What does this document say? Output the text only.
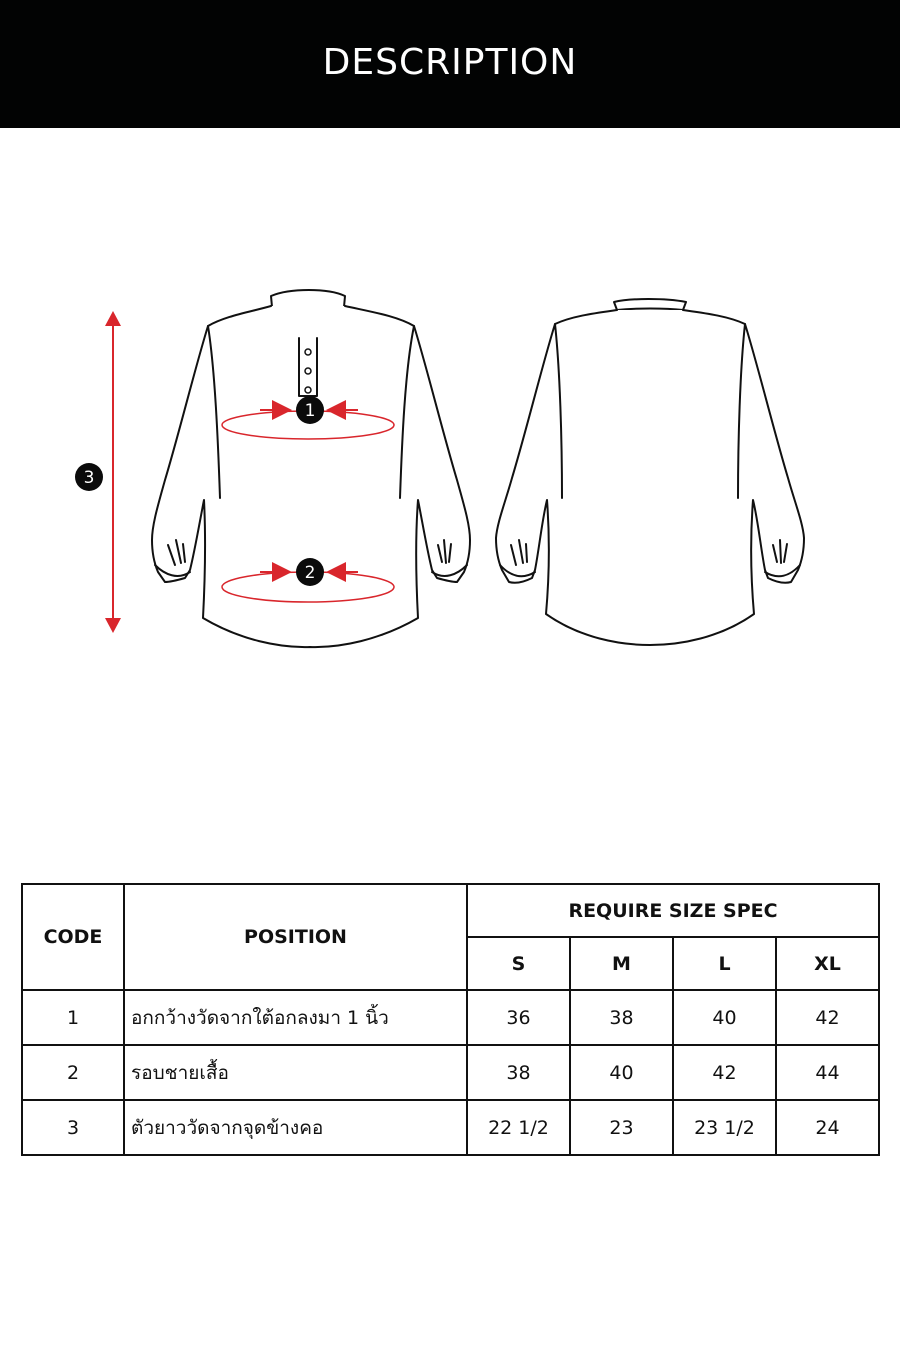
DESCRIPTION
1
2
3
CODE	POSITION	REQUIRE SIZE SPEC			
		S	M	L	XL
1	อกกว้างวัดจากใต้อกลงมา 1 นิ้ว	36	38	40	42
2	รอบชายเสื้อ	38	40	42	44
3	ตัวยาววัดจากจุดข้างคอ	22 1/2	23	23 1/2	24
